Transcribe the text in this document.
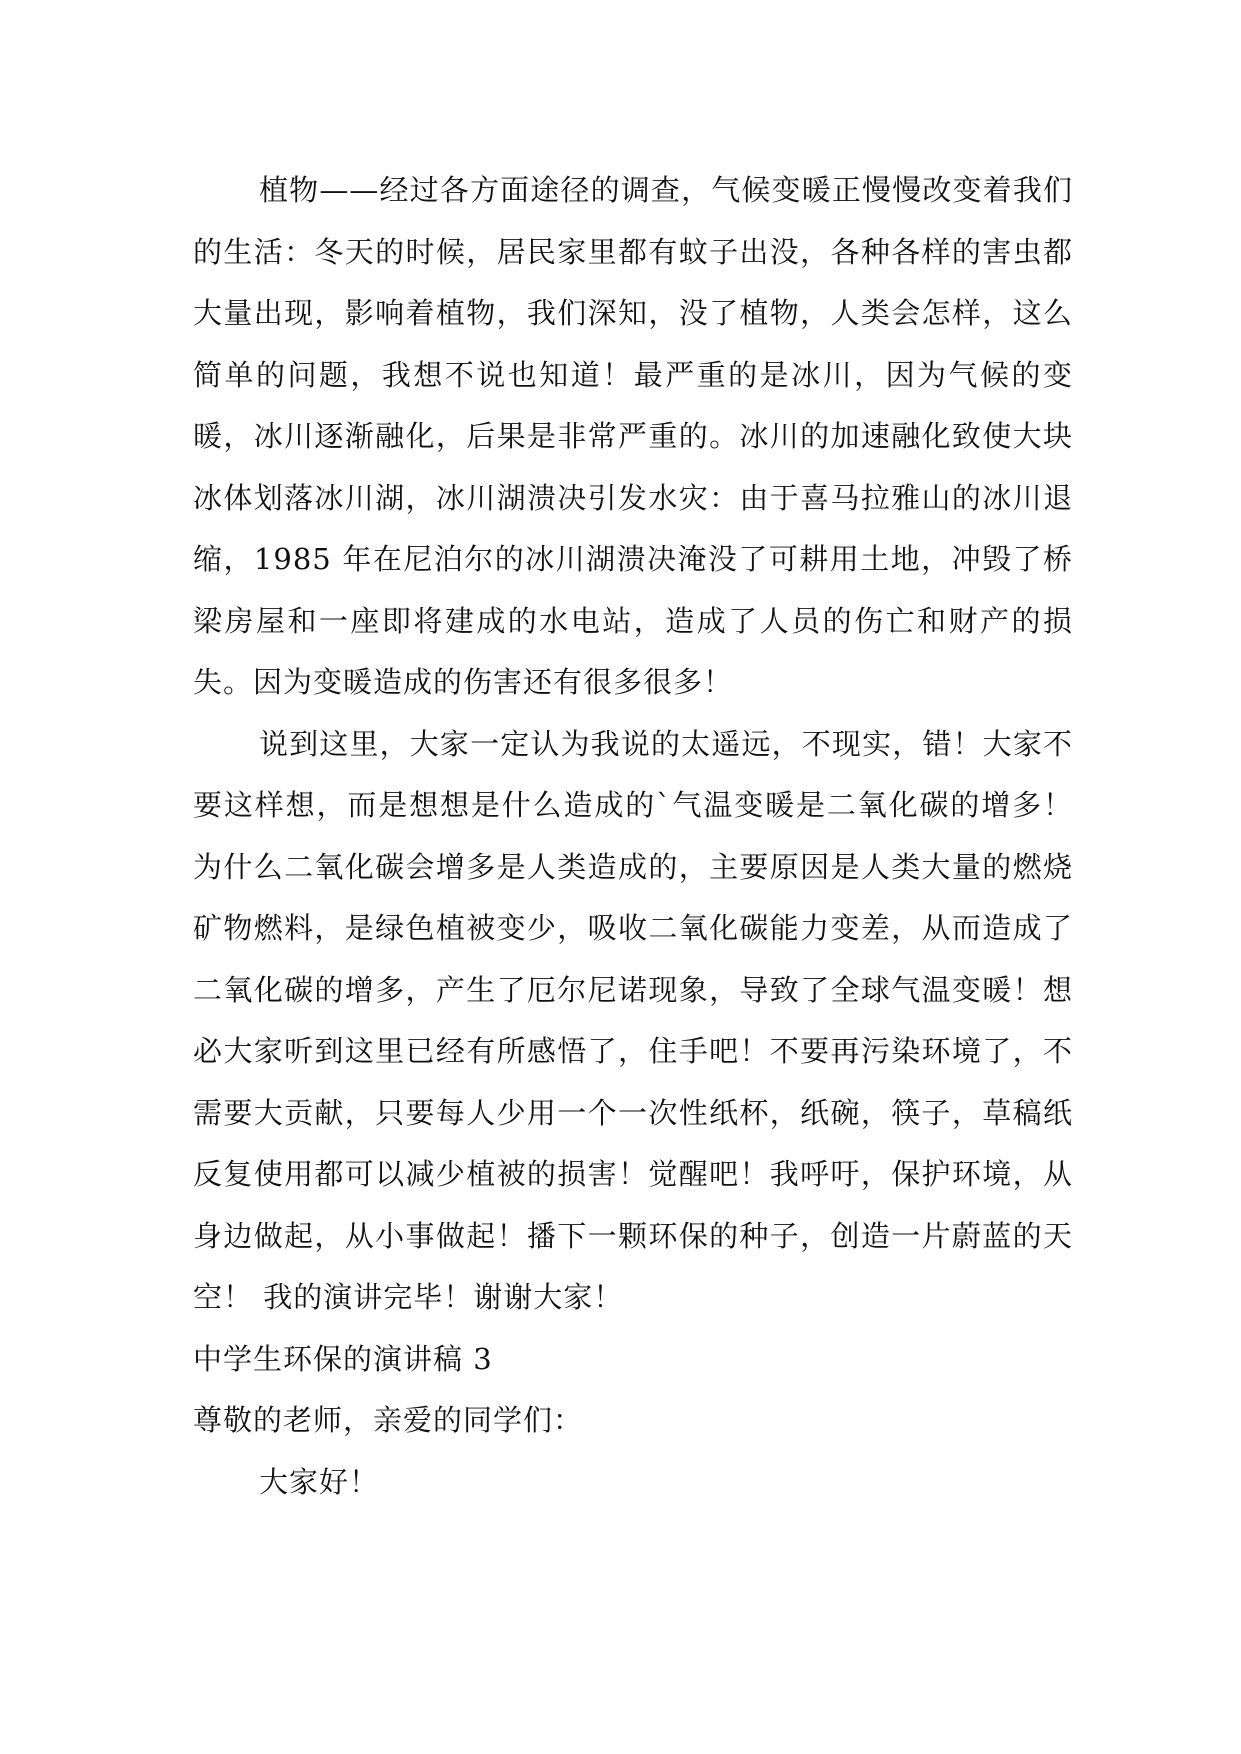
植物——经过各方面途径的调查，气候变暖正慢慢改变着我们的生活：冬天的时候，居民家里都有蚊子出没，各种各样的害虫都大量出现，影响着植物，我们深知，没了植物，人类会怎样，这么简单的问题，我想不说也知道！最严重的是冰川，因为气候的变暖，冰川逐渐融化，后果是非常严重的。冰川的加速融化致使大块冰体划落冰川湖，冰川湖溃决引发水灾：由于喜马拉雅山的冰川退缩，1985 年在尼泊尔的冰川湖溃决淹没了可耕用土地，冲毁了桥梁房屋和一座即将建成的水电站，造成了人员的伤亡和财产的损失。因为变暖造成的伤害还有很多很多！

说到这里，大家一定认为我说的太遥远，不现实，错！大家不要这样想，而是想想是什么造成的`气温变暖是二氧化碳的增多！为什么二氧化碳会增多是人类造成的，主要原因是人类大量的燃烧矿物燃料，是绿色植被变少，吸收二氧化碳能力变差，从而造成了二氧化碳的增多，产生了厄尔尼诺现象，导致了全球气温变暖！想必大家听到这里已经有所感悟了，住手吧！不要再污染环境了，不需要大贡献，只要每人少用一个一次性纸杯，纸碗，筷子，草稿纸反复使用都可以减少植被的损害！觉醒吧！我呼吁，保护环境，从身边做起，从小事做起！播下一颗环保的种子，创造一片蔚蓝的天空！ 我的演讲完毕！谢谢大家！

中学生环保的演讲稿 3

尊敬的老师，亲爱的同学们：

大家好！
